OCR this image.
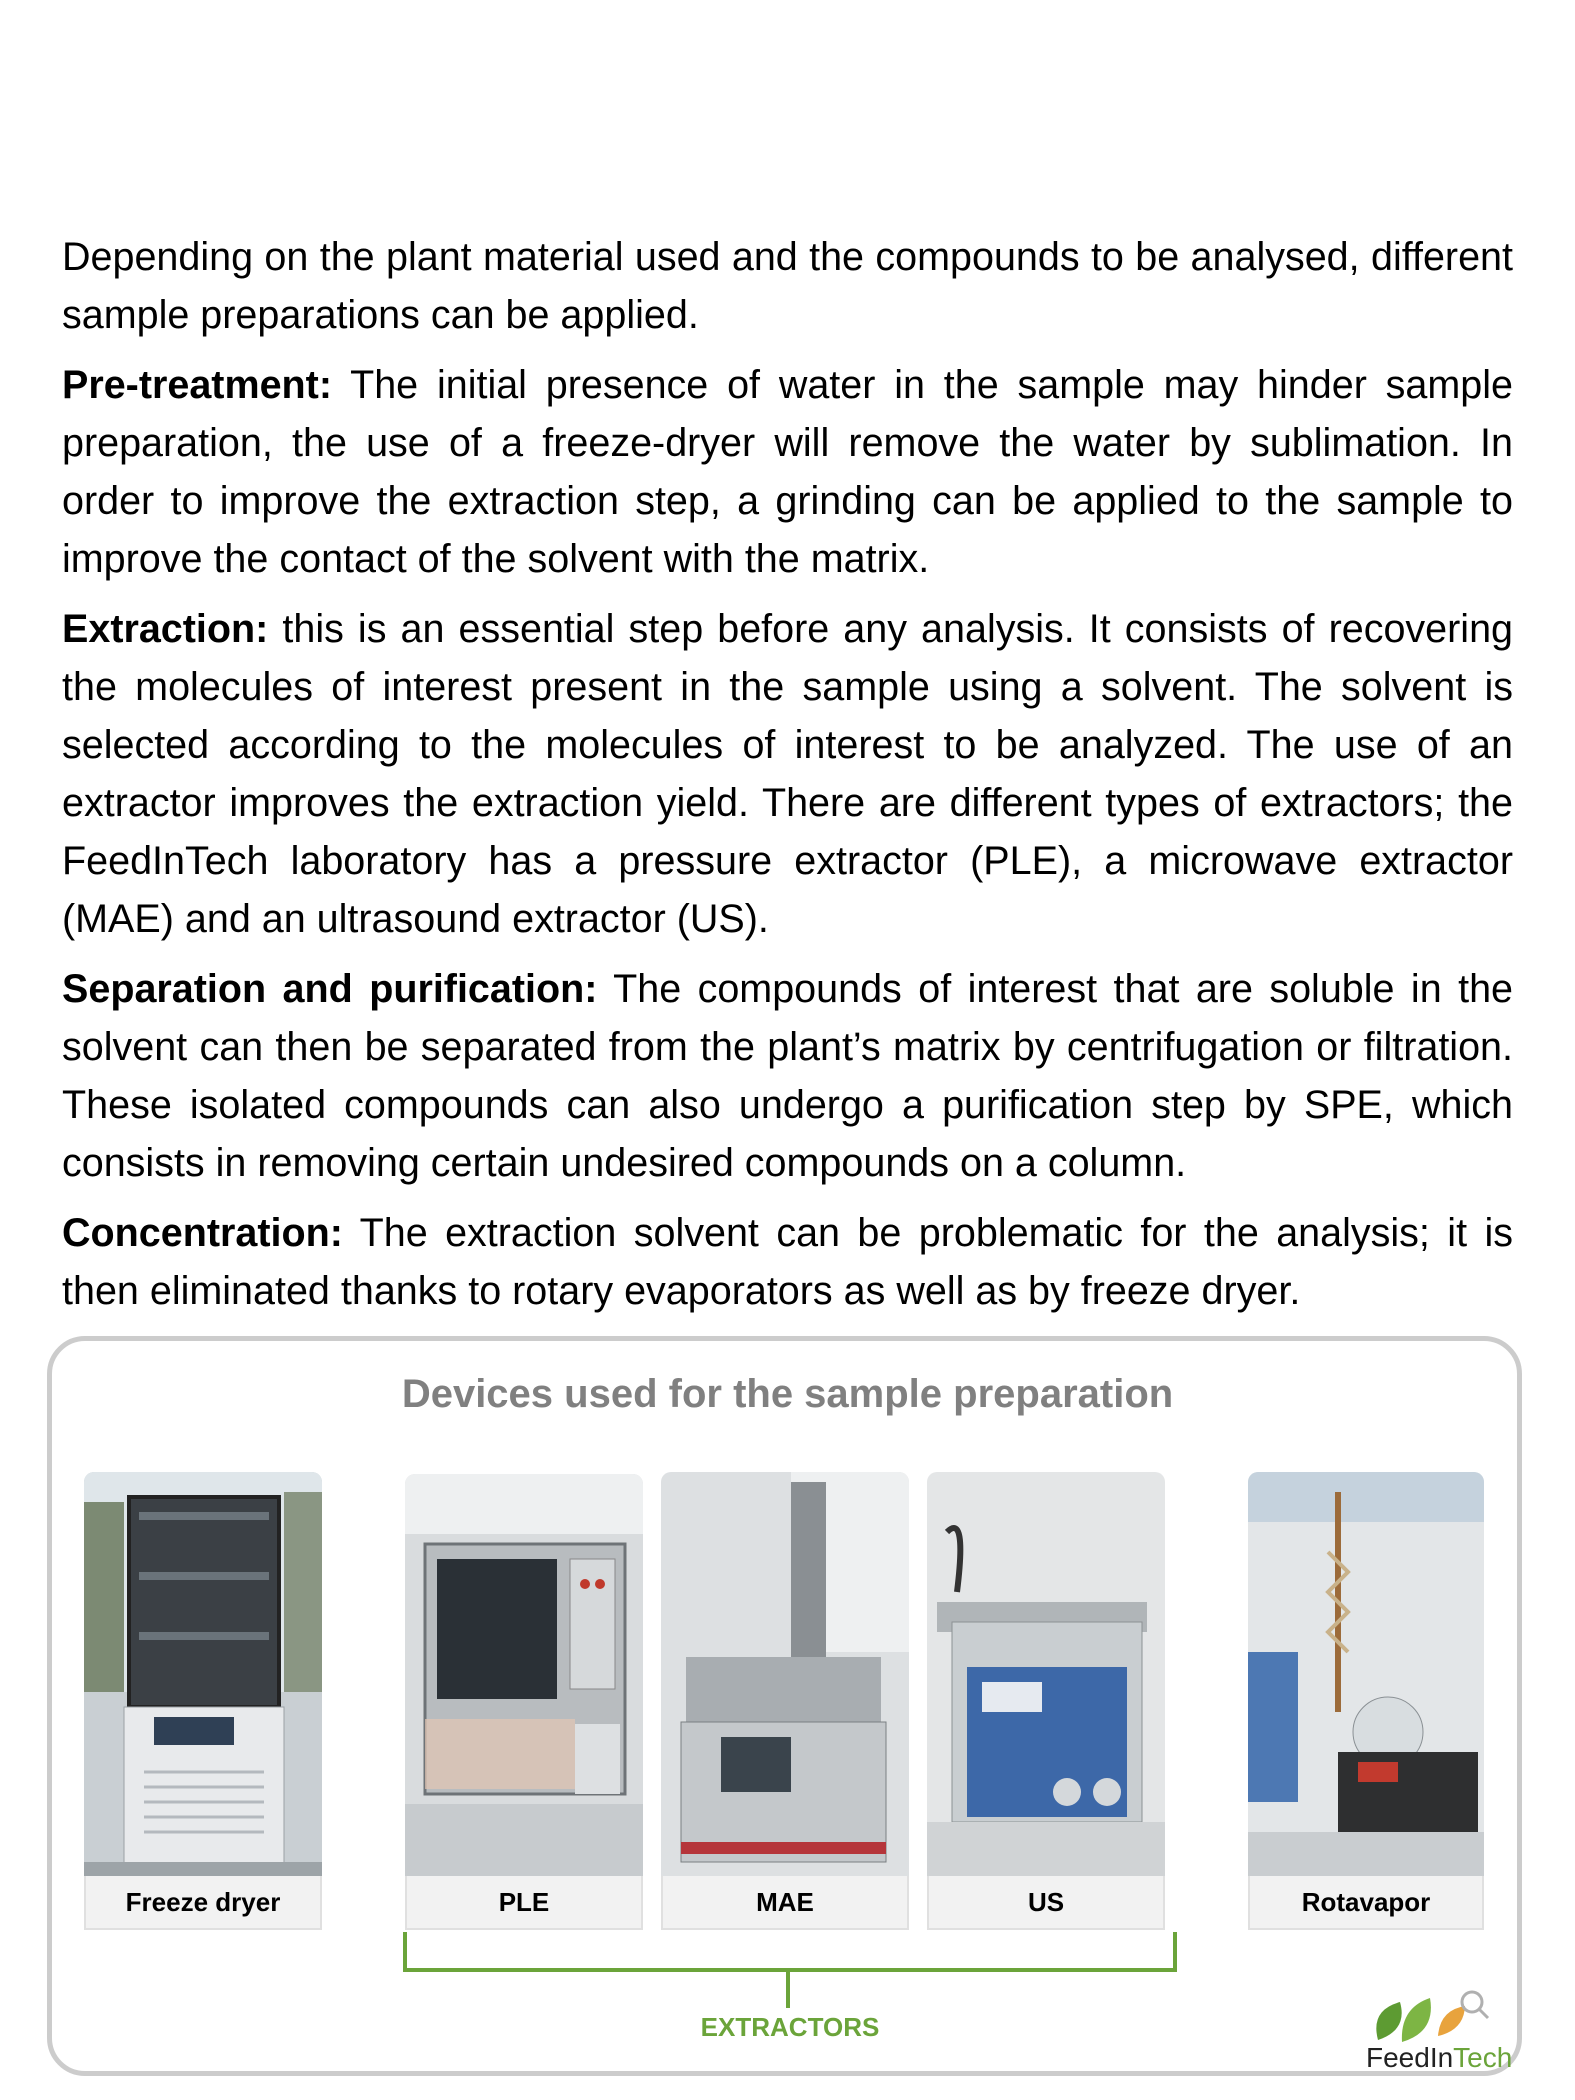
Depending on the plant material used and the compounds to be analysed, different sample preparations can be applied.

Pre-treatment: The initial presence of water in the sample may hinder sample preparation, the use of a freeze-dryer will remove the water by sublimation. In order to improve the extraction step, a grinding can be applied to the sample to improve the contact of the solvent with the matrix.

Extraction: this is an essential step before any analysis. It consists of recovering the molecules of interest present in the sample using a solvent. The solvent is selected according to the molecules of interest to be analyzed. The use of an extractor improves the extraction yield. There are different types of extractors; the FeedInTech laboratory has a pressure extractor (PLE), a microwave extractor (MAE) and an ultrasound extractor (US).

Separation and purification: The compounds of interest that are soluble in the solvent can then be separated from the plant’s matrix by centrifugation or filtration. These isolated compounds can also undergo a purification step by SPE, which consists in removing certain undesired compounds on a column.

Concentration: The extraction solvent can be problematic for the analysis; it is then eliminated thanks to rotary evaporators as well as by freeze dryer.

Devices used for the sample preparation
Freeze dryer	PLE	MAE	US	Rotavapor
EXTRACTORS
FeedInTech
